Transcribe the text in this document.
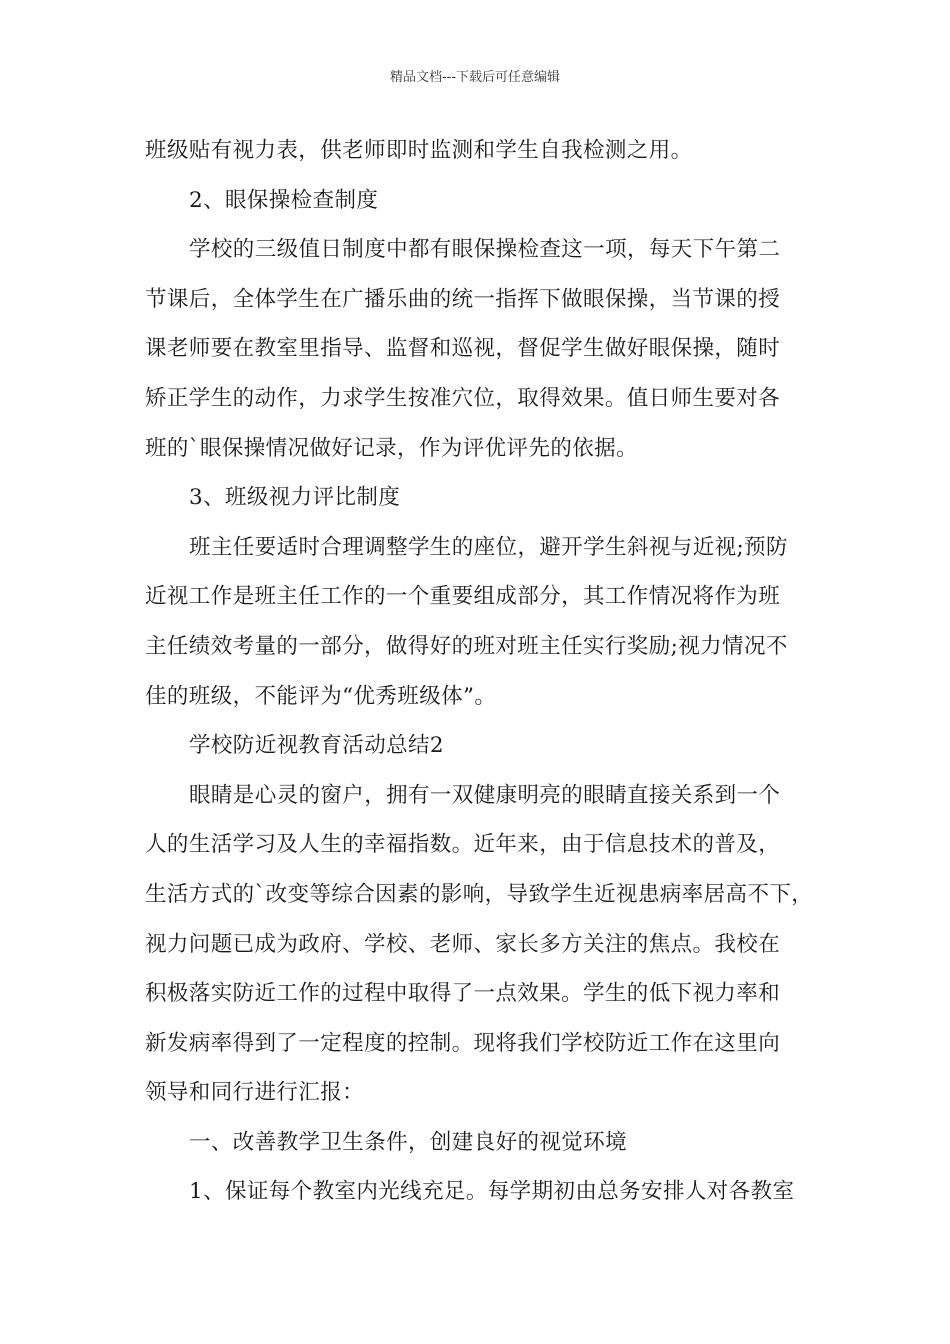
精品文档---下载后可任意编辑

班级贴有视力表，供老师即时监测和学生自我检测之用。

2、眼保操检查制度

学校的三级值日制度中都有眼保操检查这一项，每天下午第二

节课后，全体学生在广播乐曲的统一指挥下做眼保操，当节课的授

课老师要在教室里指导、监督和巡视，督促学生做好眼保操，随时

矫正学生的动作，力求学生按准穴位，取得效果。值日师生要对各

班的`眼保操情况做好记录，作为评优评先的依据。

3、班级视力评比制度

班主任要适时合理调整学生的座位，避开学生斜视与近视;预防

近视工作是班主任工作的一个重要组成部分，其工作情况将作为班

主任绩效考量的一部分，做得好的班对班主任实行奖励;视力情况不

佳的班级，不能评为“优秀班级体”。

学校防近视教育活动总结2

眼睛是心灵的窗户，拥有一双健康明亮的眼睛直接关系到一个

人的生活学习及人生的幸福指数。近年来，由于信息技术的普及，

生活方式的`改变等综合因素的影响，导致学生近视患病率居高不下，

视力问题已成为政府、学校、老师、家长多方关注的焦点。我校在

积极落实防近工作的过程中取得了一点效果。学生的低下视力率和

新发病率得到了一定程度的控制。现将我们学校防近工作在这里向

领导和同行进行汇报：

一、改善教学卫生条件，创建良好的视觉环境

1、保证每个教室内光线充足。每学期初由总务安排人对各教室
